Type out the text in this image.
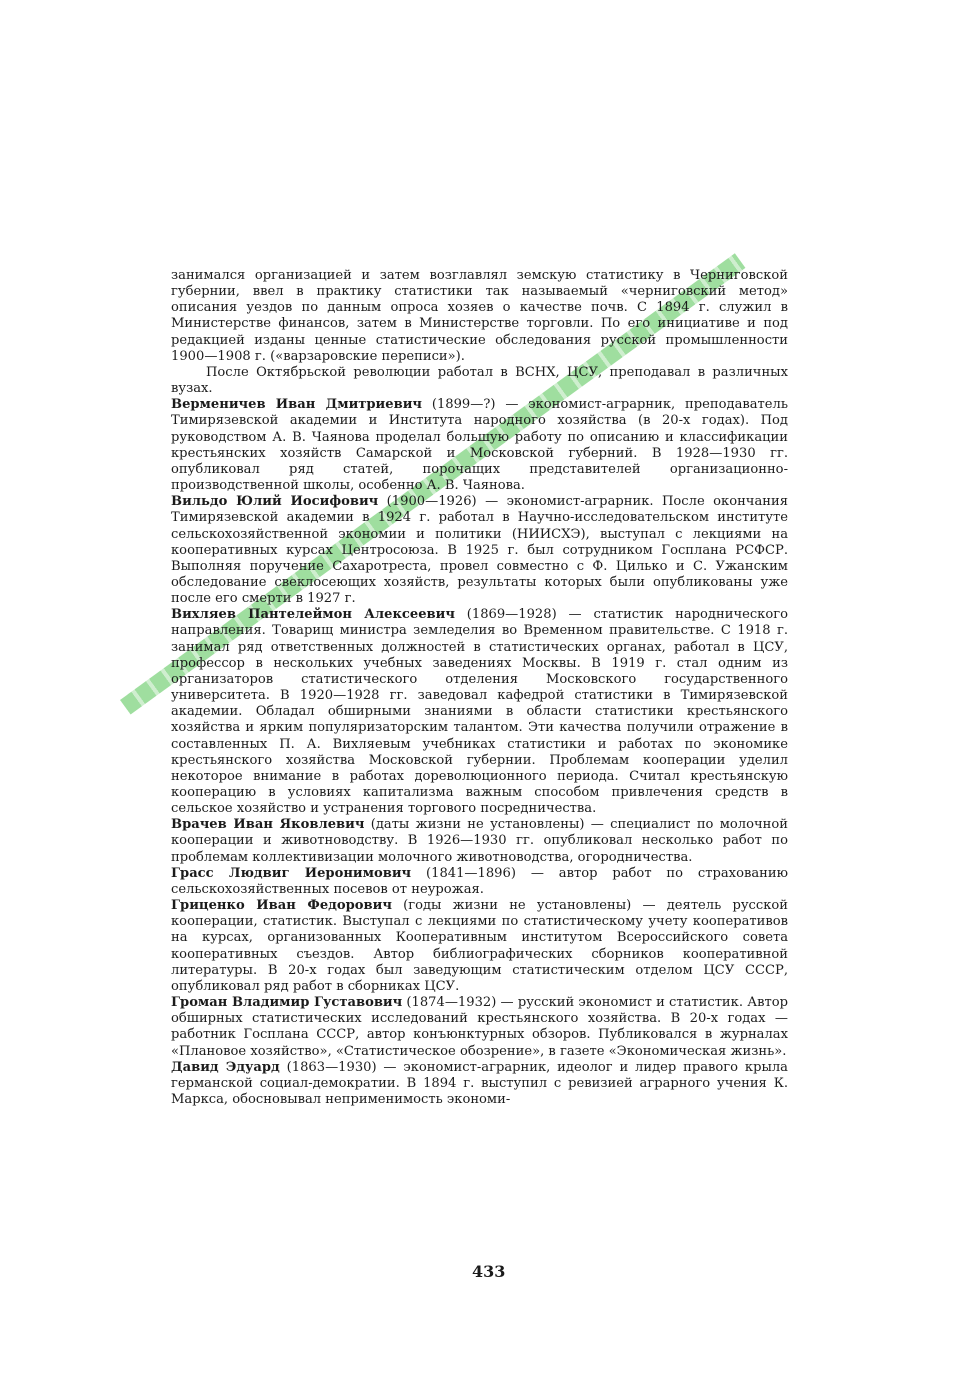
занимался организацией и затем возглавлял земскую статистику в Черниговской губернии, ввел в практику статистики так называемый «черниговский метод» описания уездов по данным опроса хозяев о качестве почв. С 1894 г. служил в Министерстве финансов, затем в Министерстве торговли. По его инициативе и под редакцией изданы ценные статистические обследования русской промышленности 1900—1908 г. («варзаровские переписи»).

После Октябрьской революции работал в ВСНХ, ЦСУ, преподавал в различных вузах.

Верменичев Иван Дмитриевич (1899—?) — экономист-аграрник, преподаватель Тимирязевской академии и Института народного хозяйства (в 20-х годах). Под руководством А. В. Чаянова проделал большую работу по описанию и классификации крестьянских хозяйств Самарской и Московской губерний. В 1928—1930 гг. опубликовал ряд статей, порочащих представителей организационно-производственной школы, особенно А. В. Чаянова.

Вильдо Юлий Иосифович (1900—1926) — экономист-аграрник. После окончания Тимирязевской академии в 1924 г. работал в Научно-исследовательском институте сельскохозяйственной экономии и политики (НИИСХЭ), выступал с лекциями на кооперативных курсах Центросоюза. В 1925 г. был сотрудником Госплана РСФСР. Выполняя поручение Сахаротреста, провел совместно с Ф. Цилько и С. Ужанским обследование свеклосеющих хозяйств, результаты которых были опубликованы уже после его смерти в 1927 г.

Вихляев Пантелеймон Алексеевич (1869—1928) — статистик народнического направления. Товарищ министра земледелия во Временном правительстве. С 1918 г. занимал ряд ответственных должностей в статистических органах, работал в ЦСУ, профессор в нескольких учебных заведениях Москвы. В 1919 г. стал одним из организаторов статистического отделения Московского государственного университета. В 1920—1928 гг. заведовал кафедрой статистики в Тимирязевской академии. Обладал обширными знаниями в области статистики крестьянского хозяйства и ярким популяризаторским талантом. Эти качества получили отражение в составленных П. А. Вихляевым учебниках статистики и работах по экономике крестьянского хозяйства Московской губернии. Проблемам кооперации уделил некоторое внимание в работах дореволюционного периода. Считал крестьянскую кооперацию в условиях капитализма важным способом привлечения средств в сельское хозяйство и устранения торгового посредничества.

Врачев Иван Яковлевич (даты жизни не установлены) — специалист по молочной кооперации и животноводству. В 1926—1930 гг. опубликовал несколько работ по проблемам коллективизации молочного животноводства, огородничества.

Грасс Людвиг Иеронимович (1841—1896) — автор работ по страхованию сельскохозяйственных посевов от неурожая.

Гриценко Иван Федорович (годы жизни не установлены) — деятель русской кооперации, статистик. Выступал с лекциями по статистическому учету кооперативов на курсах, организованных Кооперативным институтом Всероссийского совета кооперативных съездов. Автор библиографических сборников кооперативной литературы. В 20-х годах был заведующим статистическим отделом ЦСУ СССР, опубликовал ряд работ в сборниках ЦСУ.

Громан Владимир Густавович (1874—1932) — русский экономист и статистик. Автор обширных статистических исследований крестьянского хозяйства. В 20-х годах — работник Госплана СССР, автор конъюнктурных обзоров. Публиковался в журналах «Плановое хозяйство», «Статистическое обозрение», в газете «Экономическая жизнь».

Давид Эдуард (1863—1930) — экономист-аграрник, идеолог и лидер правого крыла германской социал-демократии. В 1894 г. выступил с ревизией аграрного учения К. Маркса, обосновывал неприменимость экономи-

433
